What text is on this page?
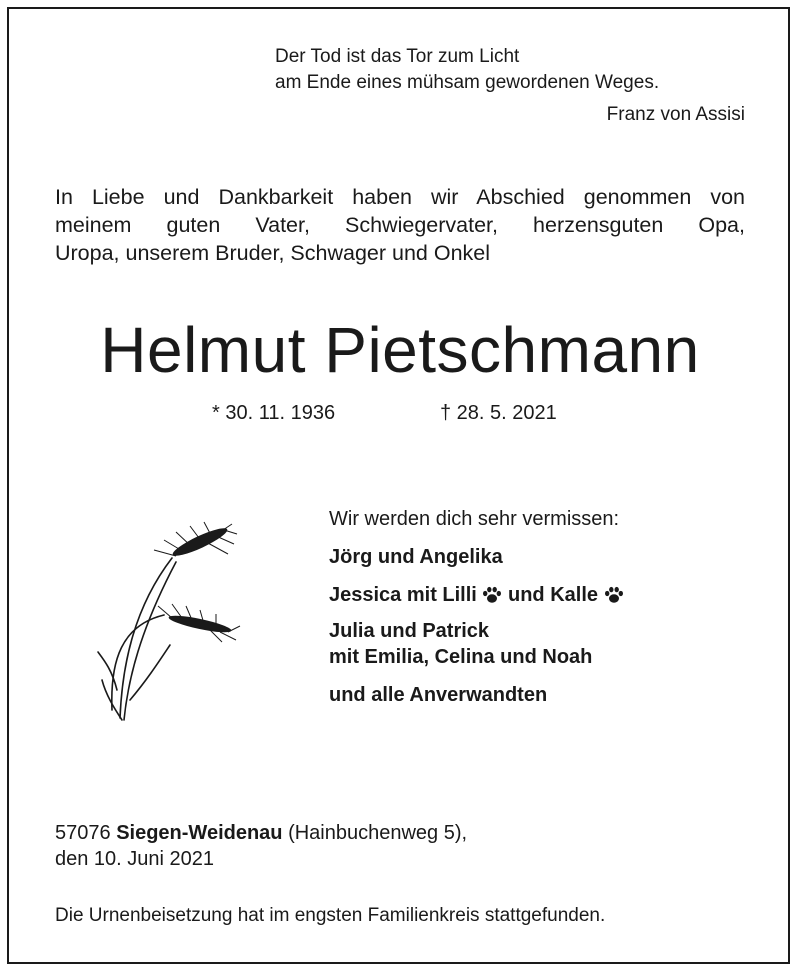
Der Tod ist das Tor zum Licht
am Ende eines mühsam gewordenen Weges.
Franz von Assisi
In Liebe und Dankbarkeit haben wir Abschied genommen von
meinem guten Vater, Schwiegervater, herzensguten Opa,
Uropa, unserem Bruder, Schwager und Onkel
Helmut Pietschmann
* 30. 11. 1936	† 28. 5. 2021
Wir werden dich sehr vermissen:
Jörg und Angelika
Jessica mit Lilli und Kalle
Julia und Patrick
mit Emilia, Celina und Noah
und alle Anverwandten
57076 Siegen-Weidenau (Hainbuchenweg 5),
den 10. Juni 2021
Die Urnenbeisetzung hat im engsten Familienkreis stattgefunden.
